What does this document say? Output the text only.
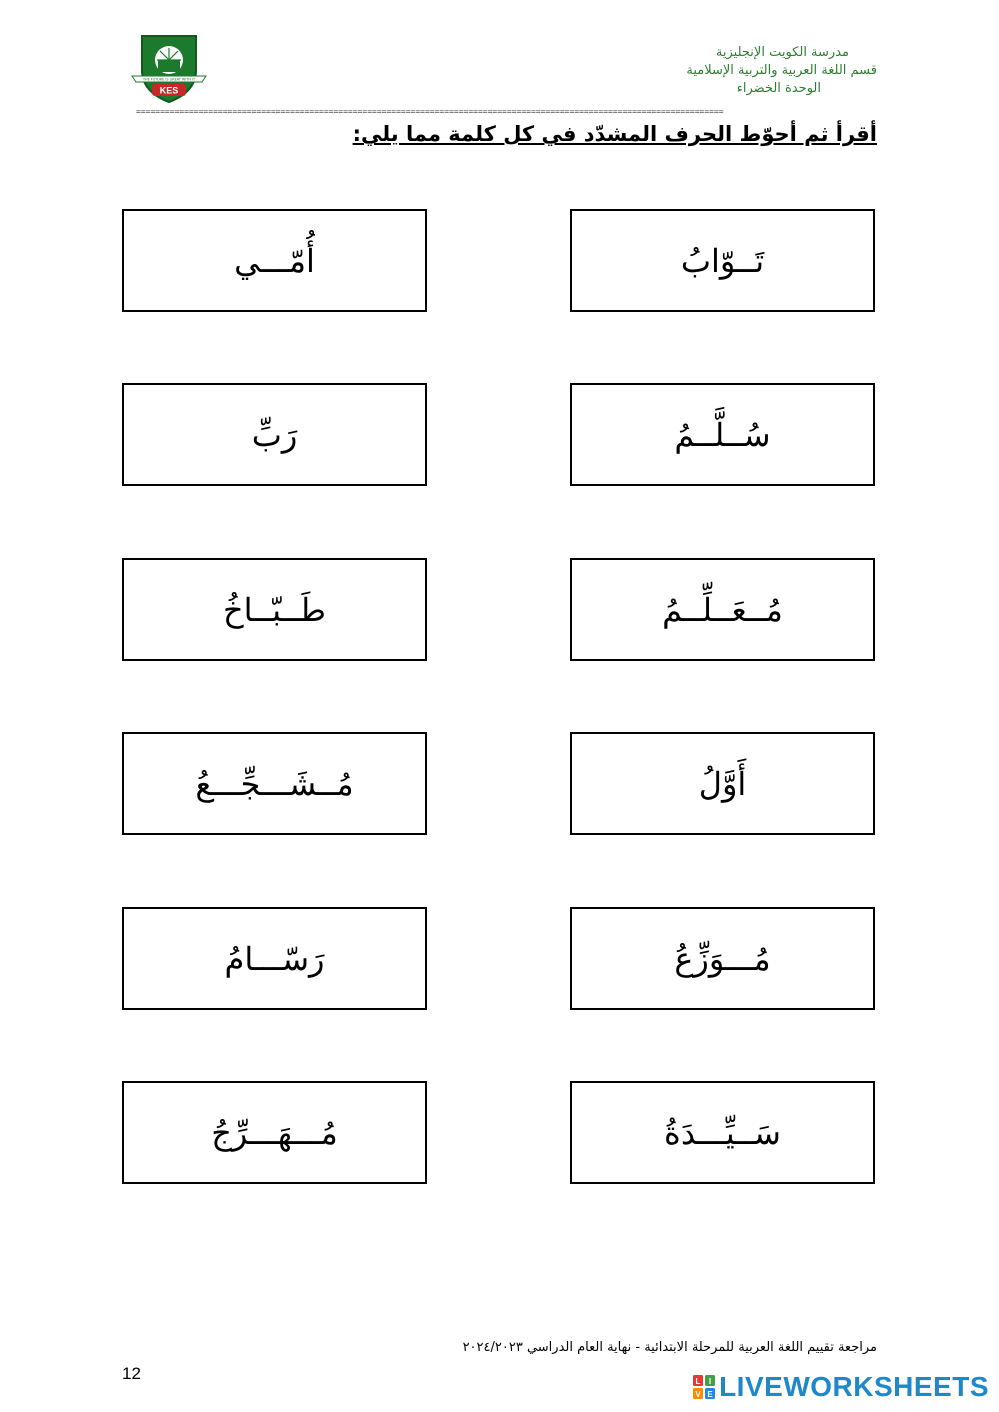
THE FUTURE IS GREAT WITH IT
KES
مدرسة الكويت الإنجليزية
قسم اللغة العربية والتربية الإسلامية
الوحدة الخضراء
==========================================================================================================================
أقرأ ثم أحوّط الحرف المشدّد في كل كلمة مما يلي:
تَــوّابُ
سُــلَّــمُ
مُــعَــلِّــمُ
أَوَّلُ
مُـــوَزِّعُ
سَــيِّـــدَةُ
أُمّـــي
رَبِّ
طَــبّــاخُ
مُــشَـــجِّـــعُ
رَسّـــامُ
مُـــهَـــرِّجُ
مراجعة تقييم اللغة العربية للمرحلة الابتدائية - نهاية العام الدراسي ٢٠٢٤/٢٠٢٣
12	L I
V E LIVEWORKSHEETS
